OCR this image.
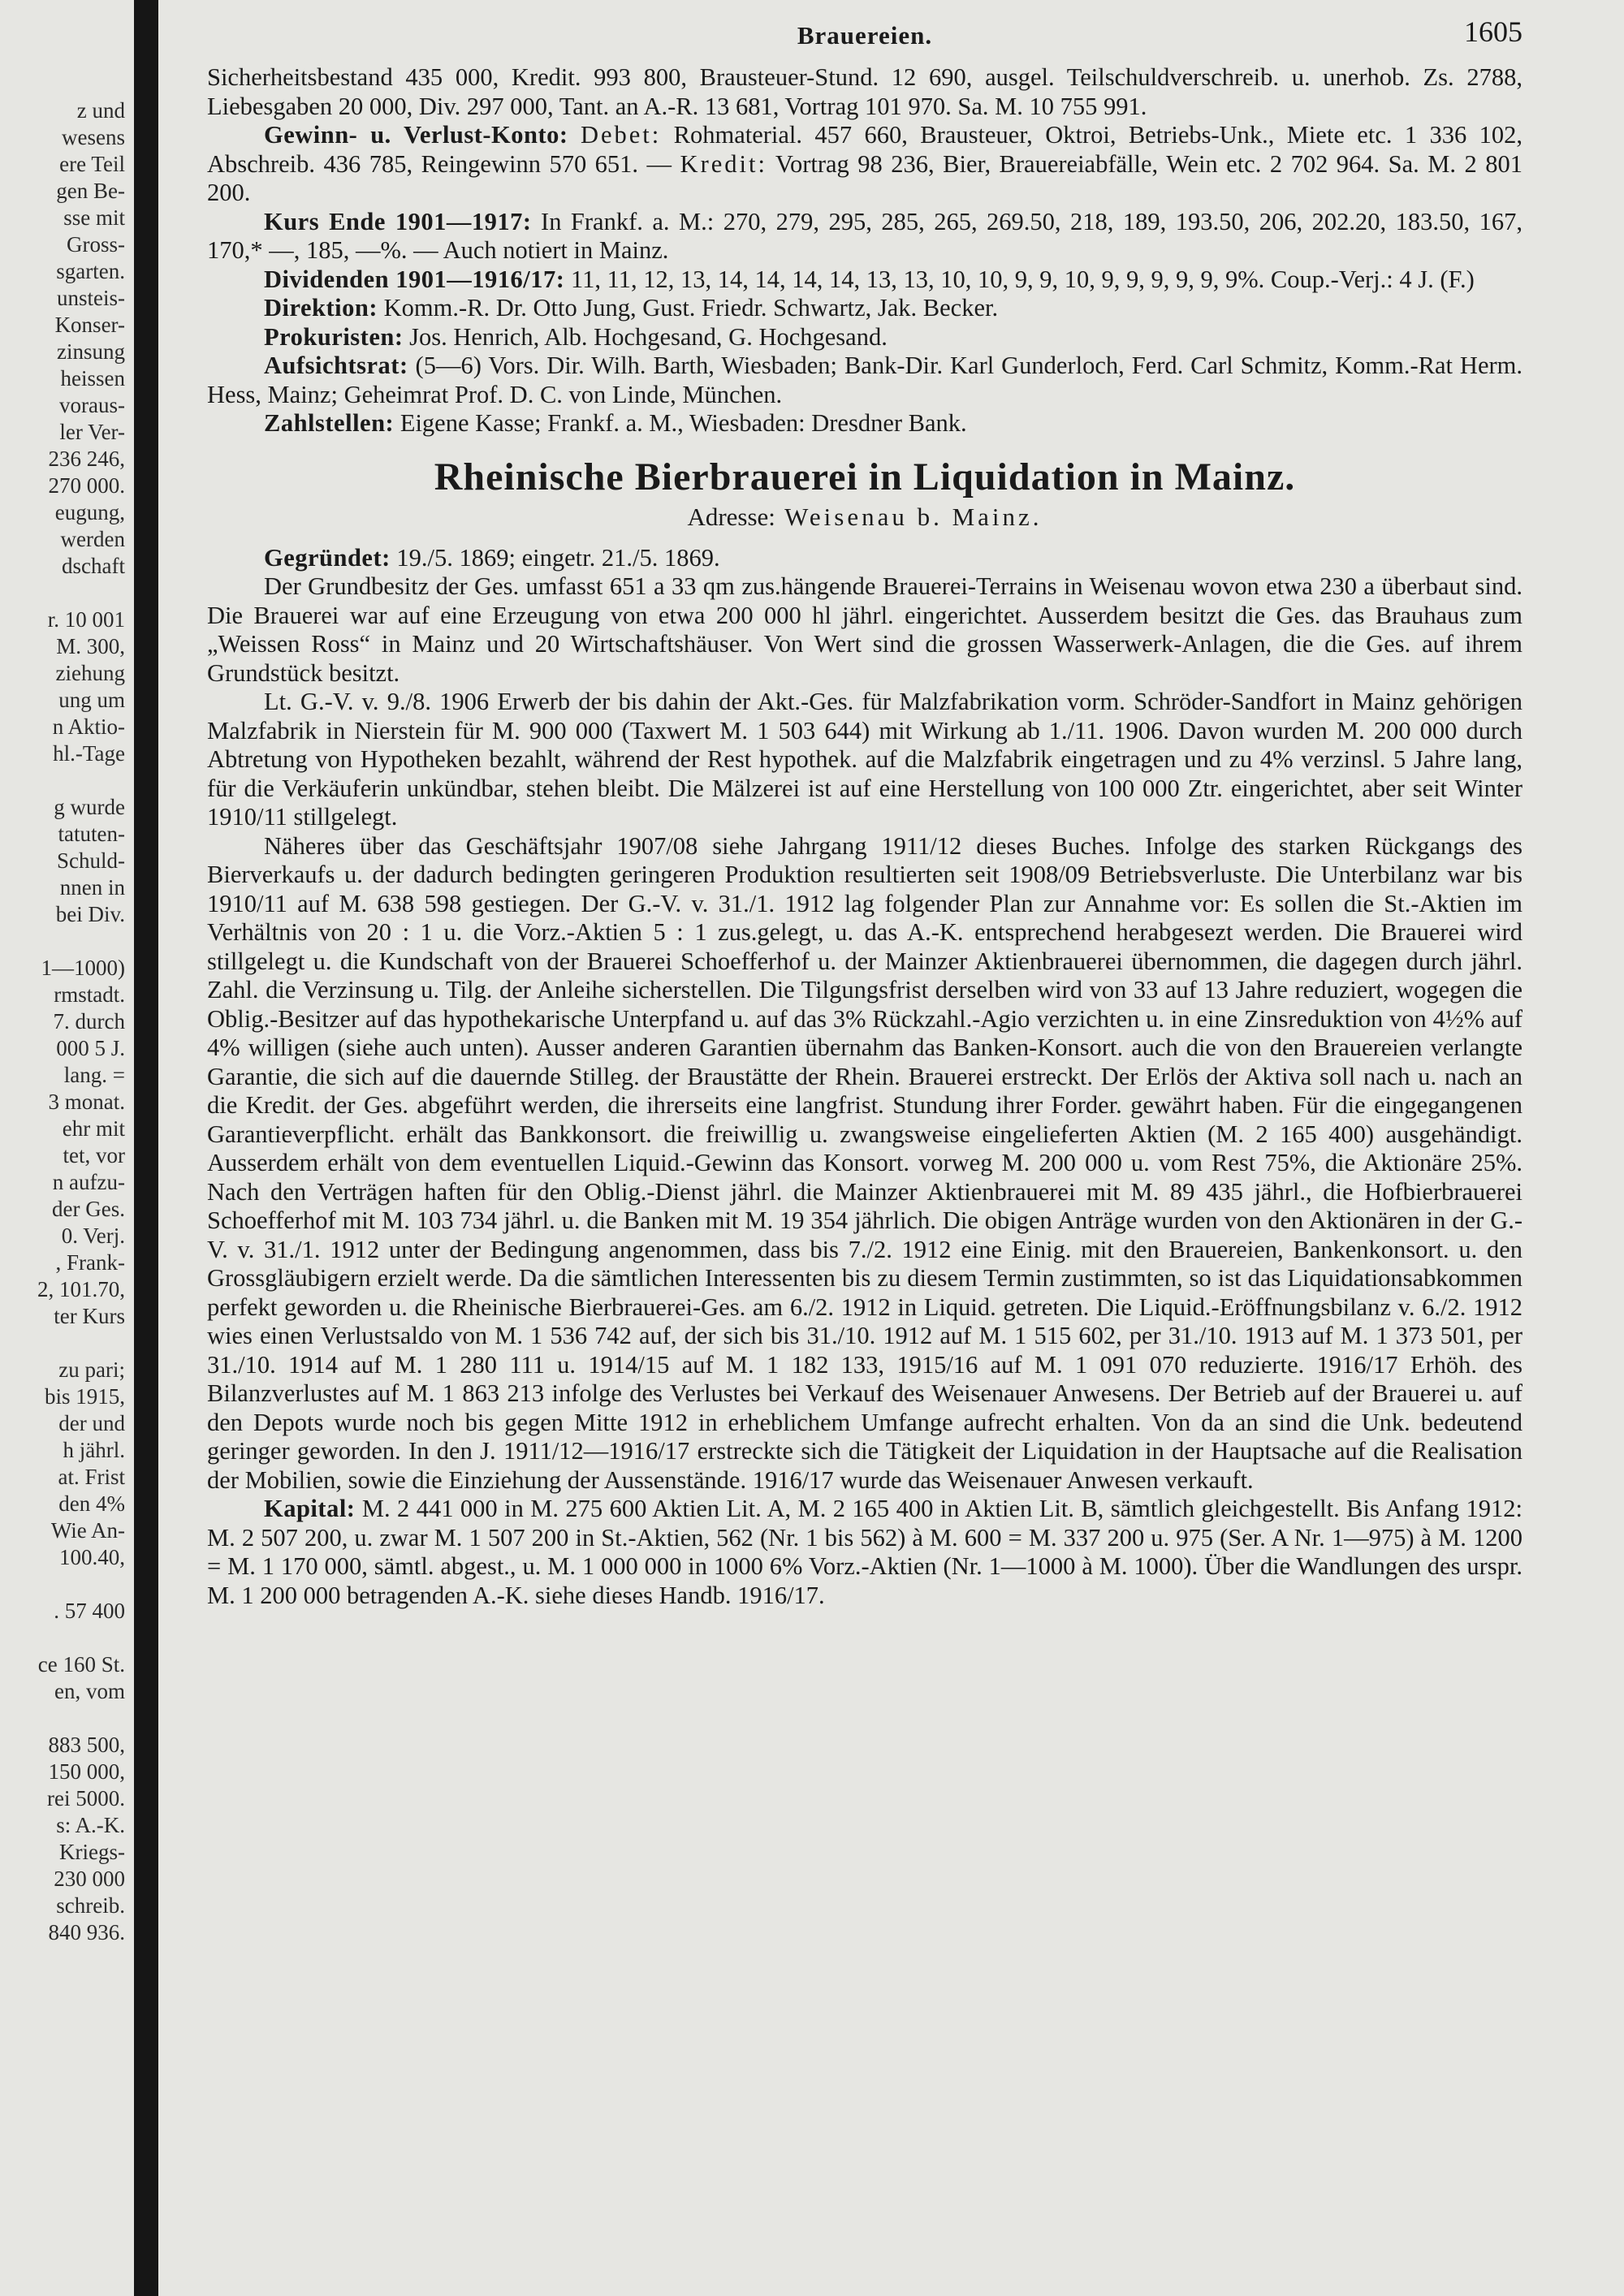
z und
wesens
ere Teil
gen Be-
sse mit
Gross-
sgarten.
unsteis-
Konser-
zinsung
heissen
voraus-
ler Ver-
236 246,
270 000.
eugung,
werden
dschaft
r. 10 001
M. 300,
ziehung
ung um
n Aktio-
hl.-Tage
g wurde
tatuten-
Schuld-
nnen in
bei Div.
1—1000)
rmstadt.
7. durch
000 5 J.
lang. =
3 monat.
ehr mit
tet, vor
n aufzu-
der Ges.
0. Verj.
, Frank-
2, 101.70,
ter Kurs
zu pari;
bis 1915,
der und
h jährl.
at. Frist
den 4%
Wie An-
100.40,
. 57 400
ce 160 St.
en, vom
883 500,
150 000,
rei 5000.
s: A.-K.
Kriegs-
230 000
schreib.
840 936.
Brauereien.	1605

Sicherheitsbestand 435 000, Kredit. 993 800, Brausteuer-Stund. 12 690, ausgel. Teilschuldverschreib. u. unerhob. Zs. 2788, Liebesgaben 20 000, Div. 297 000, Tant. an A.-R. 13 681, Vortrag 101 970. Sa. M. 10 755 991.

Gewinn- u. Verlust-Konto: Debet: Rohmaterial. 457 660, Brausteuer, Oktroi, Betriebs-Unk., Miete etc. 1 336 102, Abschreib. 436 785, Reingewinn 570 651. — Kredit: Vortrag 98 236, Bier, Brauereiabfälle, Wein etc. 2 702 964. Sa. M. 2 801 200.

Kurs Ende 1901—1917: In Frankf. a. M.: 270, 279, 295, 285, 265, 269.50, 218, 189, 193.50, 206, 202.20, 183.50, 167, 170,* —, 185, —%. — Auch notiert in Mainz.

Dividenden 1901—1916/17: 11, 11, 12, 13, 14, 14, 14, 14, 13, 13, 10, 10, 9, 9, 10, 9, 9, 9, 9, 9, 9%. Coup.-Verj.: 4 J. (F.)

Direktion: Komm.-R. Dr. Otto Jung, Gust. Friedr. Schwartz, Jak. Becker.

Prokuristen: Jos. Henrich, Alb. Hochgesand, G. Hochgesand.

Aufsichtsrat: (5—6) Vors. Dir. Wilh. Barth, Wiesbaden; Bank-Dir. Karl Gunderloch, Ferd. Carl Schmitz, Komm.-Rat Herm. Hess, Mainz; Geheimrat Prof. D. C. von Linde, München.

Zahlstellen: Eigene Kasse; Frankf. a. M., Wiesbaden: Dresdner Bank.

Rheinische Bierbrauerei in Liquidation in Mainz.
Adresse: Weisenau b. Mainz.

Gegründet: 19./5. 1869; eingetr. 21./5. 1869.

Der Grundbesitz der Ges. umfasst 651 a 33 qm zus.hängende Brauerei-Terrains in Weisenau wovon etwa 230 a überbaut sind. Die Brauerei war auf eine Erzeugung von etwa 200 000 hl jährl. eingerichtet. Ausserdem besitzt die Ges. das Brauhaus zum „Weissen Ross“ in Mainz und 20 Wirtschaftshäuser. Von Wert sind die grossen Wasserwerk-Anlagen, die die Ges. auf ihrem Grundstück besitzt.

Lt. G.-V. v. 9./8. 1906 Erwerb der bis dahin der Akt.-Ges. für Malzfabrikation vorm. Schröder-Sandfort in Mainz gehörigen Malzfabrik in Nierstein für M. 900 000 (Taxwert M. 1 503 644) mit Wirkung ab 1./11. 1906. Davon wurden M. 200 000 durch Abtretung von Hypotheken bezahlt, während der Rest hypothek. auf die Malzfabrik eingetragen und zu 4% verzinsl. 5 Jahre lang, für die Verkäuferin unkündbar, stehen bleibt. Die Mälzerei ist auf eine Herstellung von 100 000 Ztr. eingerichtet, aber seit Winter 1910/11 stillgelegt.

Näheres über das Geschäftsjahr 1907/08 siehe Jahrgang 1911/12 dieses Buches. Infolge des starken Rückgangs des Bierverkaufs u. der dadurch bedingten geringeren Produktion resultierten seit 1908/09 Betriebsverluste. Die Unterbilanz war bis 1910/11 auf M. 638 598 gestiegen. Der G.-V. v. 31./1. 1912 lag folgender Plan zur Annahme vor: Es sollen die St.-Aktien im Verhältnis von 20 : 1 u. die Vorz.-Aktien 5 : 1 zus.gelegt, u. das A.-K. entsprechend herabgesezt werden. Die Brauerei wird stillgelegt u. die Kundschaft von der Brauerei Schoefferhof u. der Mainzer Aktienbrauerei übernommen, die dagegen durch jährl. Zahl. die Verzinsung u. Tilg. der Anleihe sicherstellen. Die Tilgungsfrist derselben wird von 33 auf 13 Jahre reduziert, wogegen die Oblig.-Besitzer auf das hypothekarische Unterpfand u. auf das 3% Rückzahl.-Agio verzichten u. in eine Zinsreduktion von 4½% auf 4% willigen (siehe auch unten). Ausser anderen Garantien übernahm das Banken-Konsort. auch die von den Brauereien verlangte Garantie, die sich auf die dauernde Stilleg. der Braustätte der Rhein. Brauerei erstreckt. Der Erlös der Aktiva soll nach u. nach an die Kredit. der Ges. abgeführt werden, die ihrerseits eine langfrist. Stundung ihrer Forder. gewährt haben. Für die eingegangenen Garantieverpflicht. erhält das Bankkonsort. die freiwillig u. zwangsweise eingelieferten Aktien (M. 2 165 400) ausgehändigt. Ausserdem erhält von dem eventuellen Liquid.-Gewinn das Konsort. vorweg M. 200 000 u. vom Rest 75%, die Aktionäre 25%. Nach den Verträgen haften für den Oblig.-Dienst jährl. die Mainzer Aktienbrauerei mit M. 89 435 jährl., die Hofbierbrauerei Schoefferhof mit M. 103 734 jährl. u. die Banken mit M. 19 354 jährlich. Die obigen Anträge wurden von den Aktionären in der G.-V. v. 31./1. 1912 unter der Bedingung angenommen, dass bis 7./2. 1912 eine Einig. mit den Brauereien, Bankenkonsort. u. den Grossgläubigern erzielt werde. Da die sämtlichen Interessenten bis zu diesem Termin zustimmten, so ist das Liquidationsabkommen perfekt geworden u. die Rheinische Bierbrauerei-Ges. am 6./2. 1912 in Liquid. getreten. Die Liquid.-Eröffnungsbilanz v. 6./2. 1912 wies einen Verlustsaldo von M. 1 536 742 auf, der sich bis 31./10. 1912 auf M. 1 515 602, per 31./10. 1913 auf M. 1 373 501, per 31./10. 1914 auf M. 1 280 111 u. 1914/15 auf M. 1 182 133, 1915/16 auf M. 1 091 070 reduzierte. 1916/17 Erhöh. des Bilanzverlustes auf M. 1 863 213 infolge des Verlustes bei Verkauf des Weisenauer Anwesens. Der Betrieb auf der Brauerei u. auf den Depots wurde noch bis gegen Mitte 1912 in erheblichem Umfange aufrecht erhalten. Von da an sind die Unk. bedeutend geringer geworden. In den J. 1911/12—1916/17 erstreckte sich die Tätigkeit der Liquidation in der Hauptsache auf die Realisation der Mobilien, sowie die Einziehung der Aussenstände. 1916/17 wurde das Weisenauer Anwesen verkauft.

Kapital: M. 2 441 000 in M. 275 600 Aktien Lit. A, M. 2 165 400 in Aktien Lit. B, sämtlich gleichgestellt. Bis Anfang 1912: M. 2 507 200, u. zwar M. 1 507 200 in St.-Aktien, 562 (Nr. 1 bis 562) à M. 600 = M. 337 200 u. 975 (Ser. A Nr. 1—975) à M. 1200 = M. 1 170 000, sämtl. abgest., u. M. 1 000 000 in 1000 6% Vorz.-Aktien (Nr. 1—1000 à M. 1000). Über die Wandlungen des urspr. M. 1 200 000 betragenden A.-K. siehe dieses Handb. 1916/17.
